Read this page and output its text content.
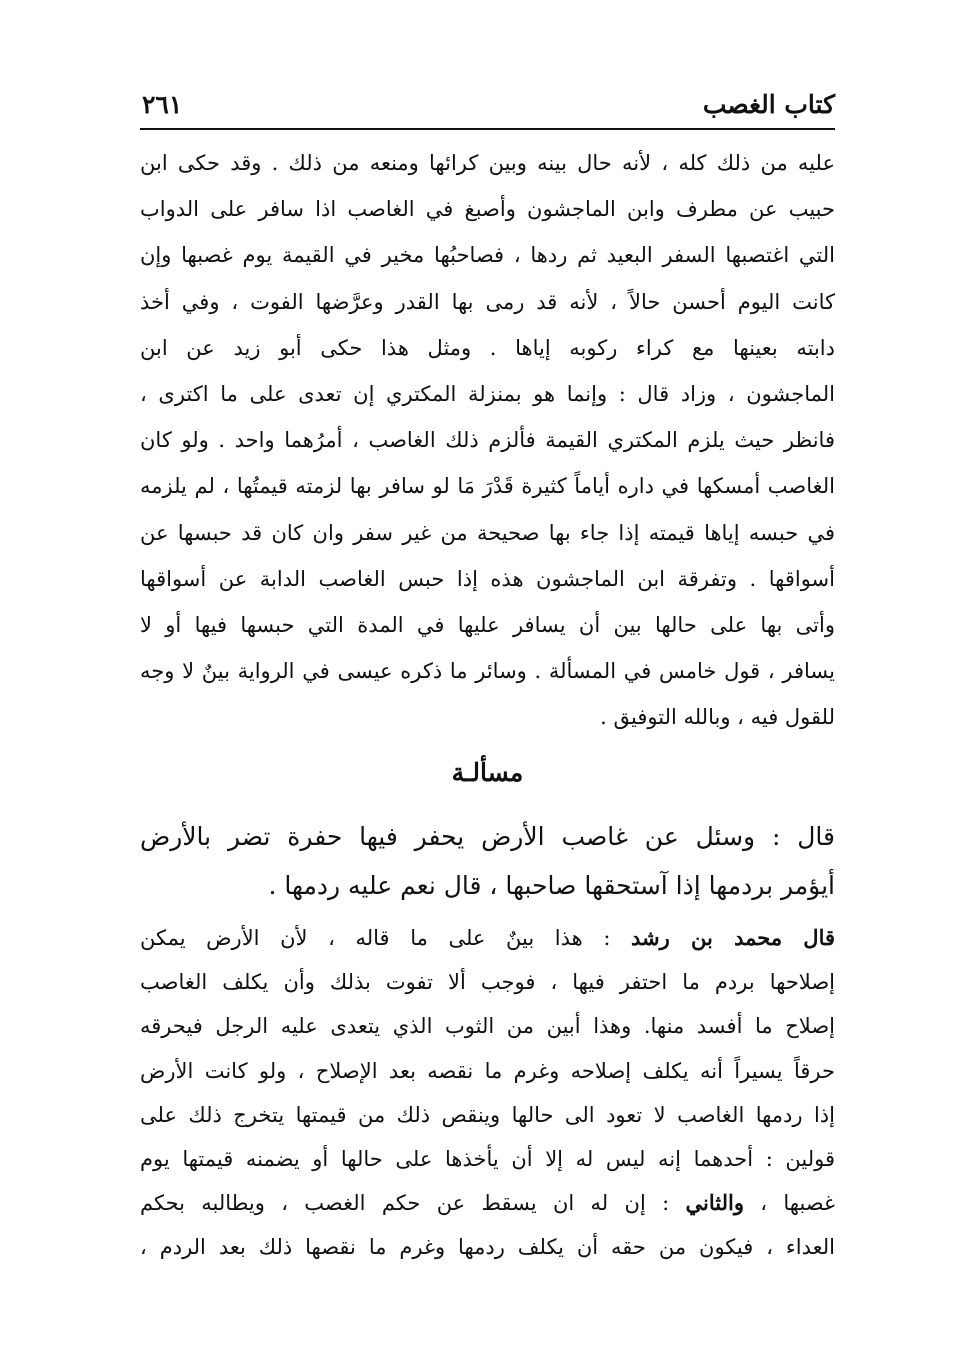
كتاب الغصب
٢٦١
عليه من ذلك كله ، لأنه حال بينه وبين كرائها ومنعه من ذلك . وقد حكى ابن
حبيب عن مطرف وابن الماجشون وأصبغ في الغاصب اذا سافر على الدواب
التي اغتصبها السفر البعيد ثم ردها ، فصاحبُها مخير في القيمة يوم غصبها وإن
كانت اليوم أحسن حالاً ، لأنه قد رمى بها القدر وعرَّضها الفوت ، وفي أخذ
دابته بعينها مع كراء ركوبه إياها . ومثل هذا حكى أبو زيد عن ابن
الماجشون ، وزاد قال : وإنما هو بمنزلة المكتري إن تعدى على ما اكترى ،
فانظر حيث يلزم المكتري القيمة فألزم ذلك الغاصب ، أمرُهما واحد . ولو كان
الغاصب أمسكها في داره أياماً كثيرة قَدْرَ مَا لو سافر بها لزمته قيمتُها ، لم يلزمه
في حبسه إياها قيمته إذا جاء بها صحيحة من غير سفر وان كان قد حبسها عن
أسواقها . وتفرقة ابن الماجشون هذه إذا حبس الغاصب الدابة عن أسواقها
وأتى بها على حالها بين أن يسافر عليها في المدة التي حبسها فيها أو لا
يسافر ، قول خامس في المسألة . وسائر ما ذكره عيسى في الرواية بينٌ لا وجه
للقول فيه ، وبالله التوفيق .
مسألـة
قال : وسئل عن غاصب الأرض يحفر فيها حفرة تضر بالأرض
أيؤمر بردمها إذا آستحقها صاحبها ، قال نعم عليه ردمها .
قال محمد بن رشد : هذا بينٌ على ما قاله ، لأن الأرض يمكن
إصلاحها بردم ما احتفر فيها ، فوجب ألا تفوت بذلك وأن يكلف الغاصب
إصلاح ما أفسد منها. وهذا أبين من الثوب الذي يتعدى عليه الرجل فيحرقه
حرقاً يسيراً أنه يكلف إصلاحه وغرم ما نقصه بعد الإصلاح ، ولو كانت الأرض
إذا ردمها الغاصب لا تعود الى حالها وينقص ذلك من قيمتها يتخرج ذلك على
قولين : أحدهما إنه ليس له إلا أن يأخذها على حالها أو يضمنه قيمتها يوم
غصبها ، والثاني : إن له ان يسقط عن حكم الغصب ، ويطالبه بحكم
العداء ، فيكون من حقه أن يكلف ردمها وغرم ما نقصها ذلك بعد الردم ،
